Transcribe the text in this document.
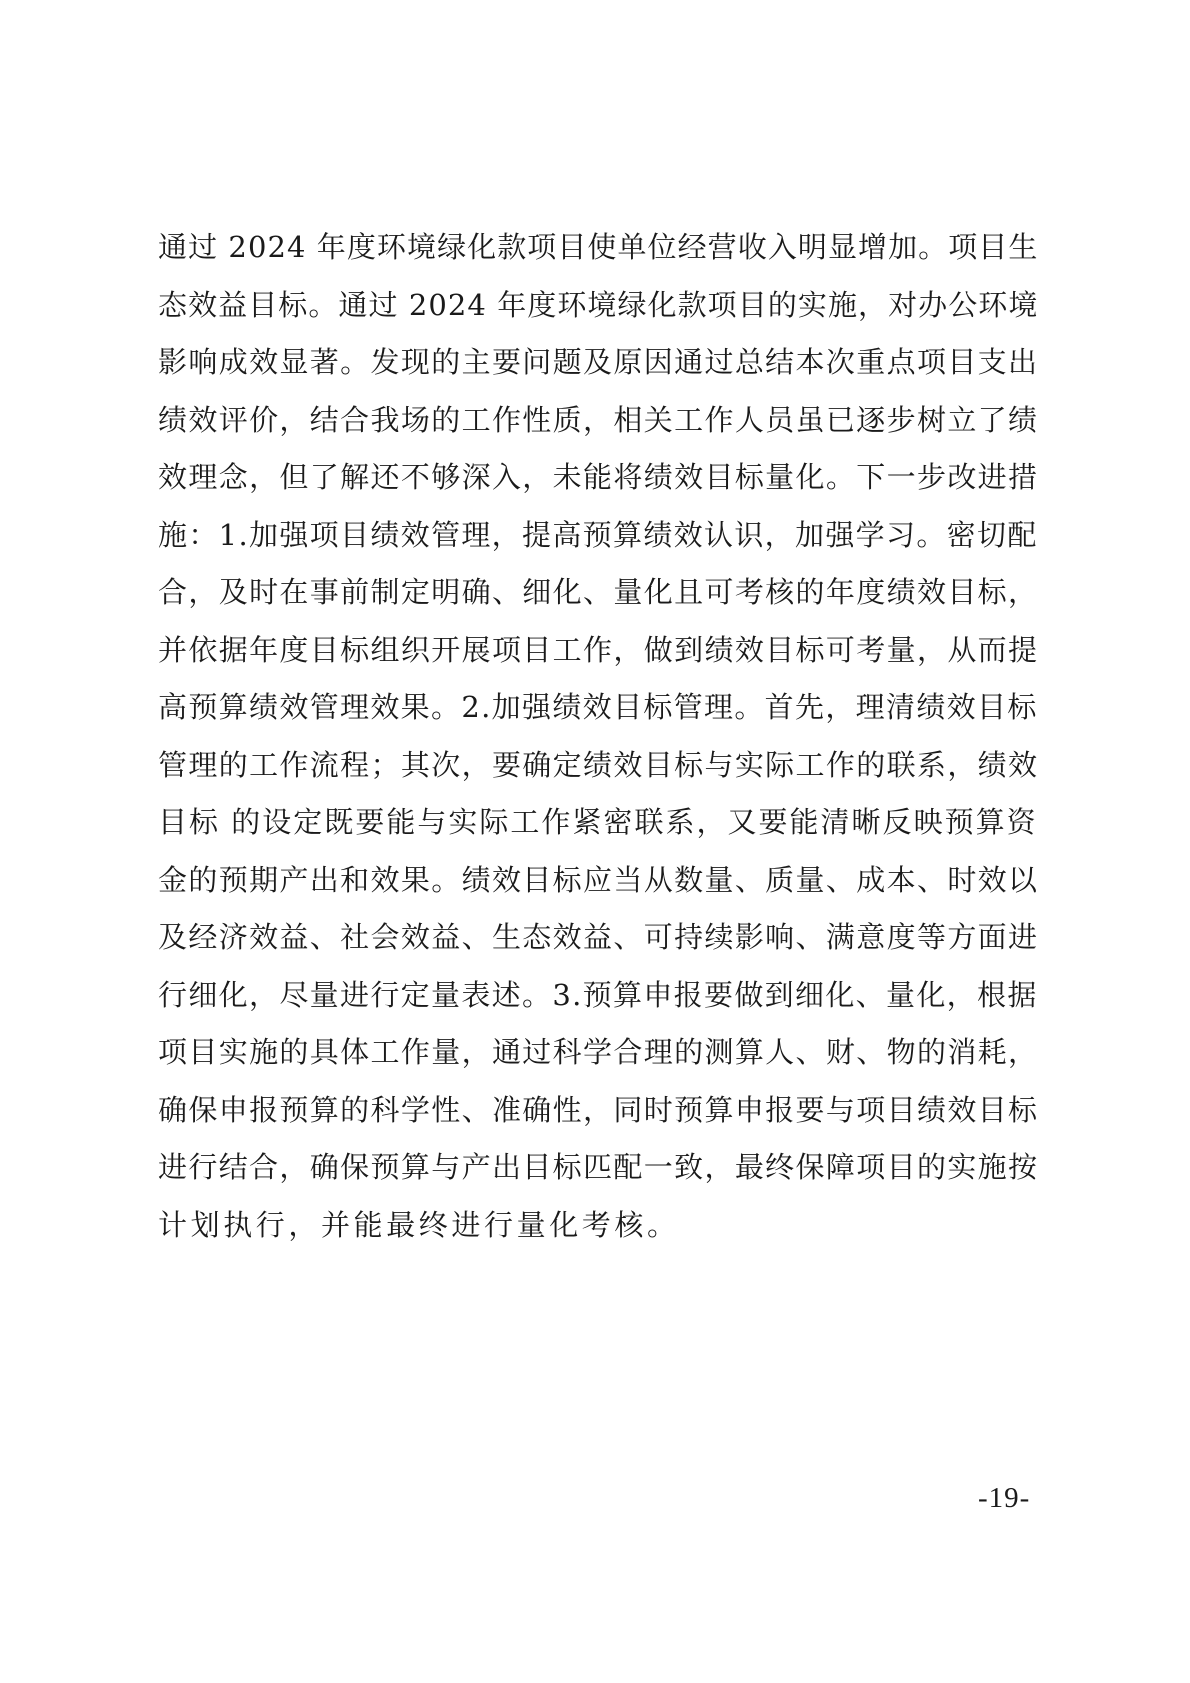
通过 2024 年度环境绿化款项目使单位经营收入明显增加。项目生
态效益目标。通过 2024 年度环境绿化款项目的实施，对办公环境
影响成效显著。发现的主要问题及原因通过总结本次重点项目支出
绩效评价，结合我场的工作性质，相关工作人员虽已逐步树立了绩
效理念，但了解还不够深入，未能将绩效目标量化。下一步改进措
施：1.加强项目绩效管理，提高预算绩效认识，加强学习。密切配
合，及时在事前制定明确、细化、量化且可考核的年度绩效目标，
并依据年度目标组织开展项目工作，做到绩效目标可考量，从而提
高预算绩效管理效果。2.加强绩效目标管理。首先，理清绩效目标
管理的工作流程；其次，要确定绩效目标与实际工作的联系，绩效
目标 的设定既要能与实际工作紧密联系，又要能清晰反映预算资
金的预期产出和效果。绩效目标应当从数量、质量、成本、时效以
及经济效益、社会效益、生态效益、可持续影响、满意度等方面进
行细化，尽量进行定量表述。3.预算申报要做到细化、量化，根据
项目实施的具体工作量，通过科学合理的测算人、财、物的消耗，
确保申报预算的科学性、准确性，同时预算申报要与项目绩效目标
进行结合，确保预算与产出目标匹配一致，最终保障项目的实施按
计划执行，并能最终进行量化考核。
-19-
